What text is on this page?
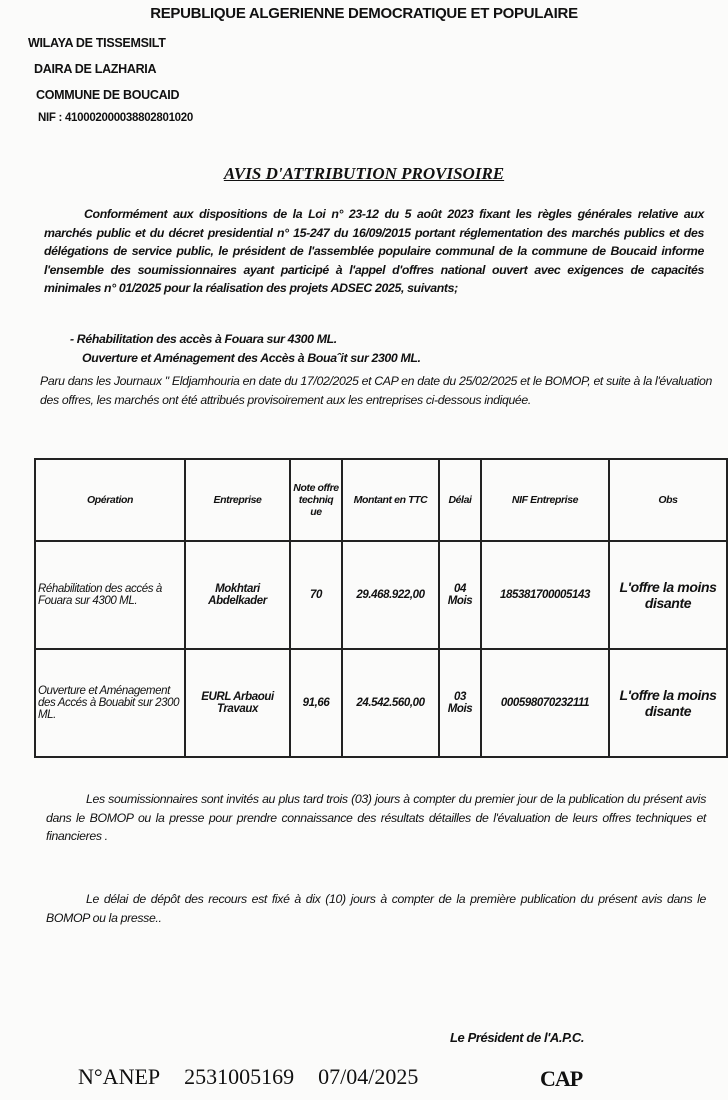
REPUBLIQUE ALGERIENNE DEMOCRATIQUE ET POPULAIRE
WILAYA DE TISSEMSILT
DAIRA DE LAZHARIA
COMMUNE DE BOUCAID
NIF : 410002000038802801020
AVIS D'ATTRIBUTION PROVISOIRE

Conformément aux dispositions de la Loi n° 23-12 du 5 août 2023 fixant les règles générales relative aux marchés public et du décret presidential n° 15-247 du 16/09/2015 portant réglementation des marchés publics et des délégations de service public, le président de l'assemblée populaire communal de la commune de Boucaid informe l'ensemble des soumissionnaires ayant participé à l'appel d'offres national ouvert avec exigences de capacités minimales n° 01/2025 pour la réalisation des projets ADSEC 2025, suivants;

- Réhabilitation des accès à Fouara sur 4300 ML.

Ouverture et Aménagement des Accès à Bouaˆit sur 2300 ML.

Paru dans les Journaux " Eldjamhouria en date du 17/02/2025 et CAP en date du 25/02/2025 et le BOMOP, et suite à la l'évaluation des offres, les marchés ont été attribués provisoirement aux les entreprises ci-dessous indiquée.

Opération	Entreprise	Note offre techniq ue	Montant en TTC	Délai	NIF Entreprise	Obs
Réhabilitation des accés à Fouara sur 4300 ML.	Mokhtari Abdelkader	70	29.468.922,00	04 Mois	185381700005143	L'offre la moins disante
Ouverture et Aménagement des Accés à Bouabit sur 2300 ML.	EURL Arbaoui Travaux	91,66	24.542.560,00	03 Mois	000598070232111	L'offre la moins disante

Les soumissionnaires sont invités au plus tard trois (03) jours à compter du premier jour de la publication du présent avis dans le BOMOP ou la presse pour prendre connaissance des résultats détailles de l'évaluation de leurs offres techniques et financieres .

Le délai de dépôt des recours est fixé à dix (10) jours à compter de la première publication du présent avis dans le BOMOP ou la presse..

Le Président de l'A.P.C.
N°ANEP 2531005169 07/04/2025	CAP
